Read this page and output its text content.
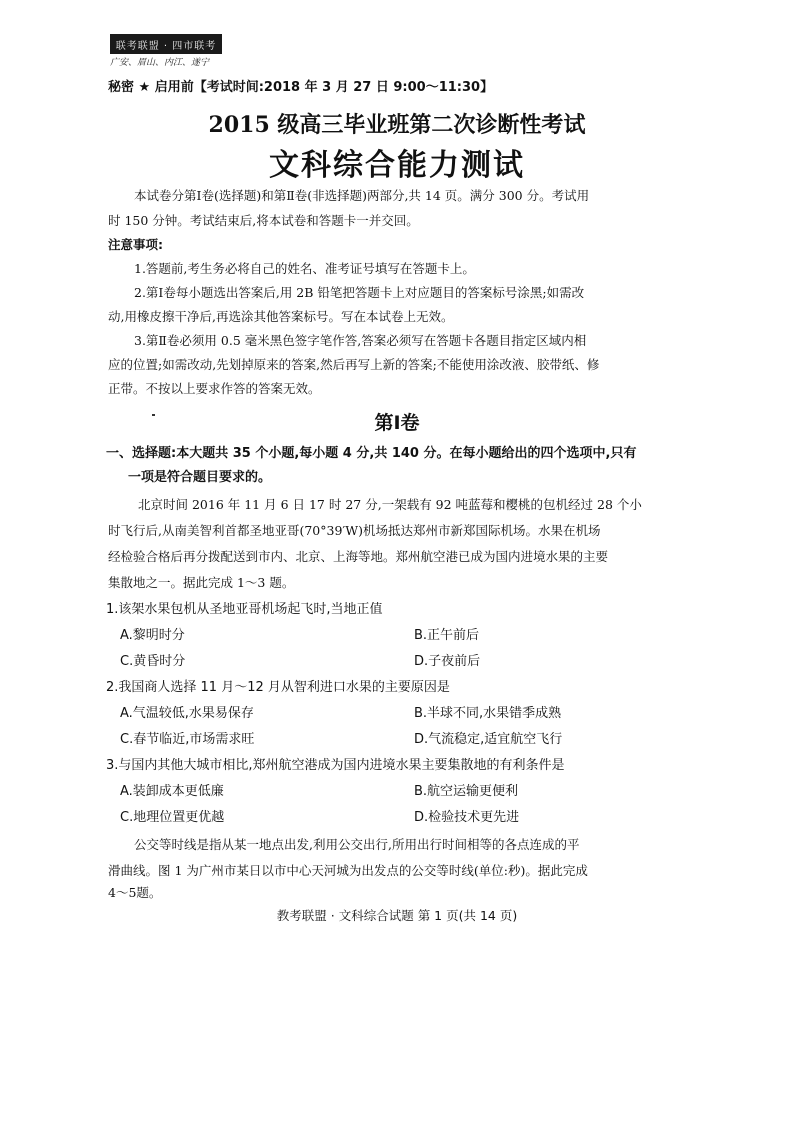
联考联盟 · 四市联考
广安、眉山、内江、遂宁
秘密 ★ 启用前【考试时间:2018 年 3 月 27 日 9:00～11:30】
2015 级高三毕业班第二次诊断性考试
文科综合能力测试
本试卷分第Ⅰ卷(选择题)和第Ⅱ卷(非选择题)两部分,共 14 页。满分 300 分。考试用
时 150 分钟。考试结束后,将本试卷和答题卡一并交回。
注意事项:
1.答题前,考生务必将自己的姓名、准考证号填写在答题卡上。
2.第Ⅰ卷每小题选出答案后,用 2B 铅笔把答题卡上对应题目的答案标号涂黑;如需改
动,用橡皮擦干净后,再选涂其他答案标号。写在本试卷上无效。
3.第Ⅱ卷必须用 0.5 毫米黑色签字笔作答,答案必须写在答题卡各题目指定区域内相
应的位置;如需改动,先划掉原来的答案,然后再写上新的答案;不能使用涂改液、胶带纸、修
正带。不按以上要求作答的答案无效。
第Ⅰ卷
一、选择题:本大题共 35 个小题,每小题 4 分,共 140 分。在每小题给出的四个选项中,只有
一项是符合题目要求的。
北京时间 2016 年 11 月 6 日 17 时 27 分,一架载有 92 吨蓝莓和樱桃的包机经过 28 个小
时飞行后,从南美智利首都圣地亚哥(70°39′W)机场抵达郑州市新郑国际机场。水果在机场
经检验合格后再分拨配送到市内、北京、上海等地。郑州航空港已成为国内进境水果的主要
集散地之一。据此完成 1～3 题。
1.该架水果包机从圣地亚哥机场起飞时,当地正值
A.黎明时分	B.正午前后
C.黄昏时分	D.子夜前后
2.我国商人选择 11 月～12 月从智利进口水果的主要原因是
A.气温较低,水果易保存	B.半球不同,水果错季成熟
C.春节临近,市场需求旺	D.气流稳定,适宜航空飞行
3.与国内其他大城市相比,郑州航空港成为国内进境水果主要集散地的有利条件是
A.装卸成本更低廉	B.航空运输更便利
C.地理位置更优越	D.检验技术更先进
公交等时线是指从某一地点出发,利用公交出行,所用出行时间相等的各点连成的平
滑曲线。图 1 为广州市某日以市中心天河城为出发点的公交等时线(单位:秒)。据此完成
4～5题。
教考联盟 · 文科综合试题 第 1 页(共 14 页)
